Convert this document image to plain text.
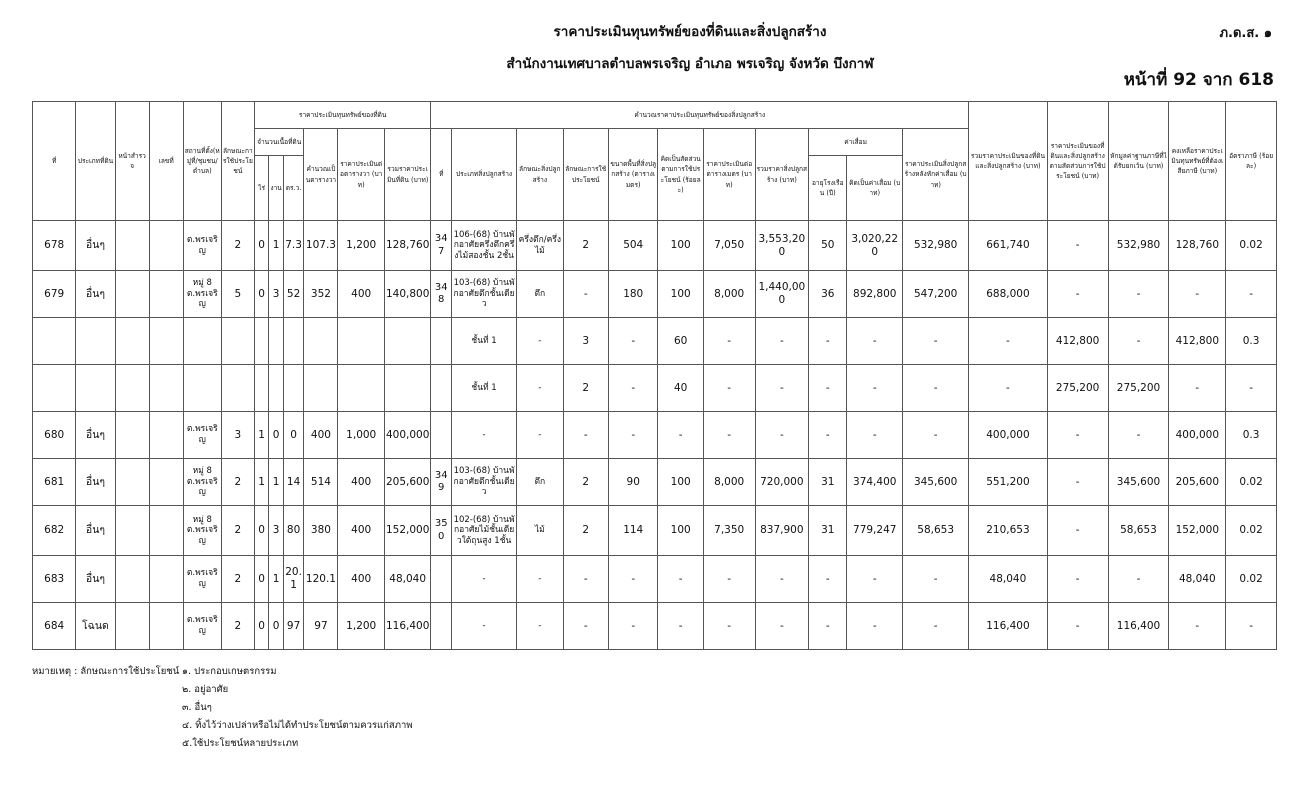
ราคาประเมินทุนทรัพย์ของที่ดินและสิ่งปลูกสร้าง
สำนักงานเทศบาลตำบลพรเจริญ อำเภอ พรเจริญ จังหวัด บึงกาฬ
ภ.ด.ส. ๑
หน้าที่ 92 จาก 618
ที่	ประเภทที่ดิน	หน้าสำรวจ	เลขที่	สถานที่ตั้ง(หมู่ที่/ชุมชน/ตำบล)	ลักษณะการใช้ประโยชน์	ราคาประเมินทุนทรัพย์ของที่ดิน						คำนวณราคาประเมินทุนทรัพย์ของสิ่งปลูกสร้าง											รวมราคาประเมินของที่ดินและสิ่งปลูกสร้าง (บาท)	ราคาประเมินของที่ดินและสิ่งปลูกสร้างตามสัดส่วนการใช้ประโยชน์ (บาท)	หักมูลค่าฐานภาษีที่ได้รับยกเว้น (บาท)	คงเหลือราคาประเมินทุนทรัพย์ที่ต้องเสียภาษี (บาท)	อัตราภาษี (ร้อยละ)
						จำนวนเนื้อที่ดิน			คำนวณเป็นตารางวา	ราคาประเมินต่อตารางวา (บาท)	รวมราคาประเมินที่ดิน (บาท)	ที่	ประเภทสิ่งปลูกสร้าง	ลักษณะสิ่งปลูกสร้าง	ลักษณะการใช้ประโยชน์	ขนาดพื้นที่สิ่งปลูกสร้าง (ตารางเมตร)	คิดเป็นสัดส่วนตามการใช้ประโยชน์ (ร้อยละ)	ราคาประเมินต่อตารางเมตร (บาท)	รวมราคาสิ่งปลูกสร้าง (บาท)	ค่าเสื่อม		ราคาประเมินสิ่งปลูกสร้างหลังหักค่าเสื่อม (บาท)					
						ไร่	งาน	ตร.ว.												อายุโรงเรือน (ปี)	คิดเป็นค่าเสื่อม (บาท)						
678	อื่นๆ			ต.พรเจริญ	2	0	1	7.3	107.3	1,200	128,760	347	106-(68) บ้านพักอาศัยครึ่งตึกครึ่งไม้สองชั้น 2ชั้น	ครึ่งตึก/ครึ่งไม้	2	504	100	7,050	3,553,200	50	3,020,220	532,980	661,740	-	532,980	128,760	0.02
679	อื่นๆ			หมู่ 8 ต.พรเจริญ	5	0	3	52	352	400	140,800	348	103-(68) บ้านพักอาศัยตึกชั้นเดียว	ตึก	-	180	100	8,000	1,440,000	36	892,800	547,200	688,000	-	-	-	-
													ชั้นที่ 1	-	3	-	60	-	-	-	-	-	-	412,800	-	412,800	0.3
													ชั้นที่ 1	-	2	-	40	-	-	-	-	-	-	275,200	275,200	-	-
680	อื่นๆ			ต.พรเจริญ	3	1	0	0	400	1,000	400,000		-	-	-	-	-	-	-	-	-	-	400,000	-	-	400,000	0.3
681	อื่นๆ			หมู่ 8 ต.พรเจริญ	2	1	1	14	514	400	205,600	349	103-(68) บ้านพักอาศัยตึกชั้นเดียว	ตึก	2	90	100	8,000	720,000	31	374,400	345,600	551,200	-	345,600	205,600	0.02
682	อื่นๆ			หมู่ 8 ต.พรเจริญ	2	0	3	80	380	400	152,000	350	102-(68) บ้านพักอาศัยไม้ชั้นเดียวใต้ถุนสูง 1ชั้น	ไม้	2	114	100	7,350	837,900	31	779,247	58,653	210,653	-	58,653	152,000	0.02
683	อื่นๆ			ต.พรเจริญ	2	0	1	20.1	120.1	400	48,040		-	-	-	-	-	-	-	-	-	-	48,040	-	-	48,040	0.02
684	โฉนด			ต.พรเจริญ	2	0	0	97	97	1,200	116,400		-	-	-	-	-	-	-	-	-	-	116,400	-	116,400	-	-
หมายเหตุ : ลักษณะการใช้ประโยชน์ ๑. ประกอบเกษตรกรรม
๒. อยู่อาศัย
๓. อื่นๆ
๔. ทิ้งไว้ว่างเปล่าหรือไม่ได้ทำประโยชน์ตามควรแก่สภาพ
๕.ใช้ประโยชน์หลายประเภท
